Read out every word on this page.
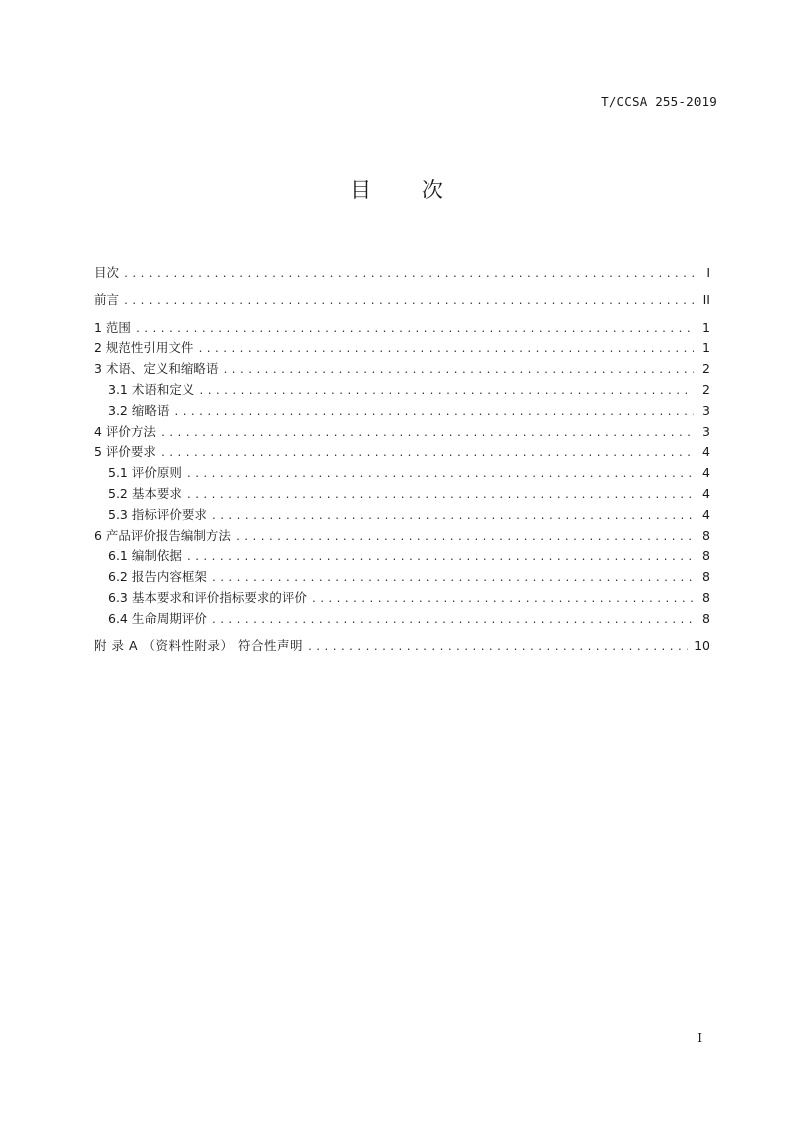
T/CCSA 255-2019
目 次
目次 .....	I
前言 .....	II
1 范围 .....	1
2 规范性引用文件 .....	1
3 术语、定义和缩略语 .....	2
3.1 术语和定义 .....	2
3.2 缩略语 .....	3
4 评价方法 .....	3
5 评价要求 .....	4
5.1 评价原则 .....	4
5.2 基本要求 .....	4
5.3 指标评价要求 .....	4
6 产品评价报告编制方法 .....	8
6.1 编制依据 .....	8
6.2 报告内容框架 .....	8
6.3 基本要求和评价指标要求的评价 .....	8
6.4 生命周期评价 .....	8
附 录 A （资料性附录） 符合性声明 .....	10
I
